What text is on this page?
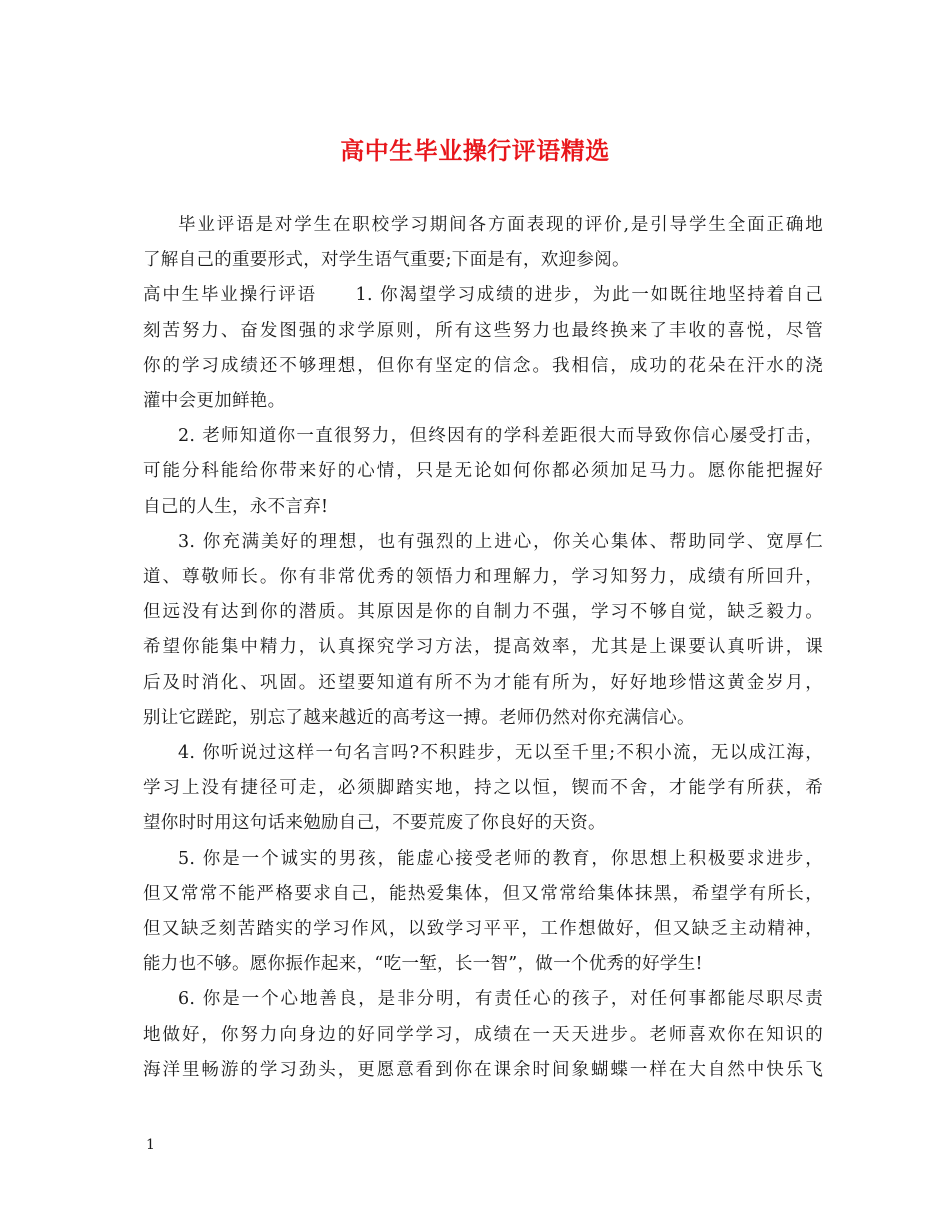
高中生毕业操行评语精选
毕业评语是对学生在职校学习期间各方面表现的评价,是引导学生全面正确地
了解自己的重要形式，对学生语气重要;下面是有，欢迎参阅。
高中生毕业操行评语　　1. 你渴望学习成绩的进步，为此一如既往地坚持着自己
刻苦努力、奋发图强的求学原则，所有这些努力也最终换来了丰收的喜悦，尽管
你的学习成绩还不够理想，但你有坚定的信念。我相信，成功的花朵在汗水的浇
灌中会更加鲜艳。
2. 老师知道你一直很努力，但终因有的学科差距很大而导致你信心屡受打击，
可能分科能给你带来好的心情，只是无论如何你都必须加足马力。愿你能把握好
自己的人生，永不言弃!
3. 你充满美好的理想，也有强烈的上进心，你关心集体、帮助同学、宽厚仁
道、尊敬师长。你有非常优秀的领悟力和理解力，学习知努力，成绩有所回升，
但远没有达到你的潜质。其原因是你的自制力不强，学习不够自觉，缺乏毅力。
希望你能集中精力，认真探究学习方法，提高效率，尤其是上课要认真听讲，课
后及时消化、巩固。还望要知道有所不为才能有所为，好好地珍惜这黄金岁月，
别让它蹉跎，别忘了越来越近的高考这一搏。老师仍然对你充满信心。
4. 你听说过这样一句名言吗?不积跬步，无以至千里;不积小流，无以成江海，
学习上没有捷径可走，必须脚踏实地，持之以恒，锲而不舍，才能学有所获，希
望你时时用这句话来勉励自己，不要荒废了你良好的天资。
5. 你是一个诚实的男孩，能虚心接受老师的教育，你思想上积极要求进步，
但又常常不能严格要求自己，能热爱集体，但又常常给集体抹黑，希望学有所长，
但又缺乏刻苦踏实的学习作风，以致学习平平，工作想做好，但又缺乏主动精神，
能力也不够。愿你振作起来，“吃一堑，长一智”，做一个优秀的好学生!
6. 你是一个心地善良，是非分明，有责任心的孩子，对任何事都能尽职尽责
地做好，你努力向身边的好同学学习，成绩在一天天进步。老师喜欢你在知识的
海洋里畅游的学习劲头，更愿意看到你在课余时间象蝴蝶一样在大自然中快乐飞
1
